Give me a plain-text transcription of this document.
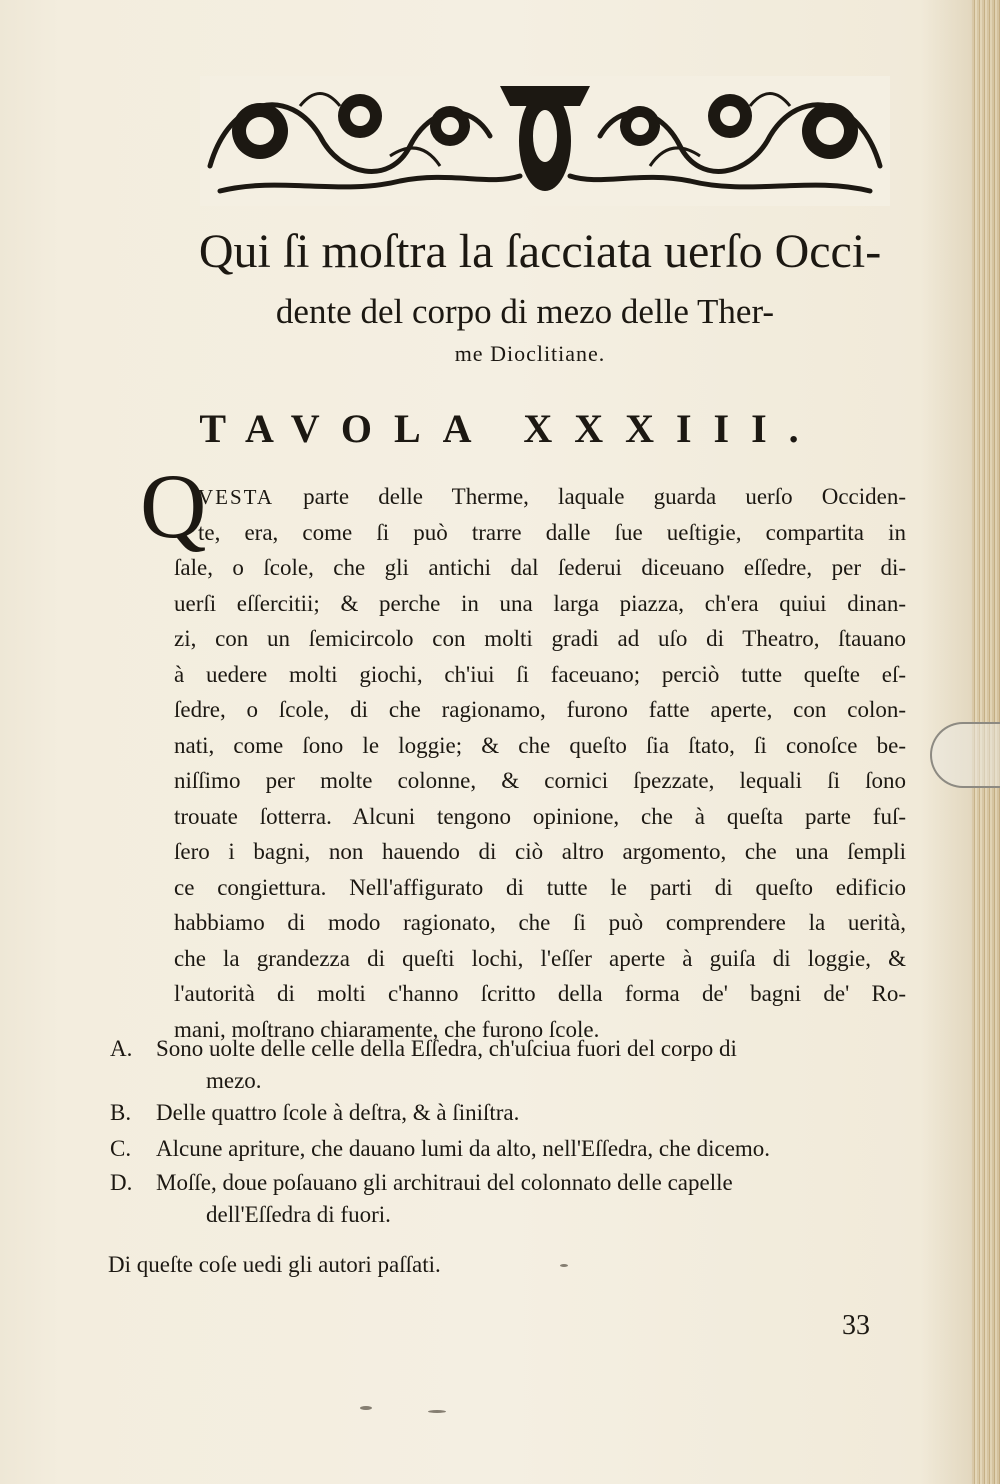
Qui ſi moſtra la ſacciata uerſo Occi-
dente del corpo di mezo delle Ther-
me Dioclitiane.
TAVOLA XXXIII.
Q
VESTA parte delle Therme, laquale guarda uerſo Occiden-
te, era, come ſi può trarre dalle ſue ueſtigie, compartita in
ſale, o ſcole, che gli antichi dal ſederui diceuano eſſedre, per di-
uerſi eſſercitii; & perche in una larga piazza, ch'era quiui dinan-
zi, con un ſemicircolo con molti gradi ad uſo di Theatro, ſtauano
à uedere molti giochi, ch'iui ſi faceuano; perciò tutte queſte eſ-
ſedre, o ſcole, di che ragionamo, furono fatte aperte, con colon-
nati, come ſono le loggie; & che queſto ſia ſtato, ſi conoſce be-
niſſimo per molte colonne, & cornici ſpezzate, lequali ſi ſono
trouate ſotterra. Alcuni tengono opinione, che à queſta parte fuſ-
ſero i bagni, non hauendo di ciò altro argomento, che una ſempli
ce congiettura. Nell'affigurato di tutte le parti di queſto edificio
habbiamo di modo ragionato, che ſi può comprendere la uerità,
che la grandezza di queſti lochi, l'eſſer aperte à guiſa di loggie, &
l'autorità di molti c'hanno ſcritto della forma de' bagni de' Ro-
mani, moſtrano chiaramente, che furono ſcole.
A.	Sono uolte delle celle della Eſſedra, ch'uſciua fuori del corpo di
mezo.
B.	Delle quattro ſcole à deſtra, & à ſiniſtra.
C.	Alcune apriture, che dauano lumi da alto, nell'Eſſedra, che dicemo.
D.	Moſſe, doue poſauano gli architraui del colonnato delle capelle
dell'Eſſedra di fuori.
Di queſte coſe uedi gli autori paſſati.
33
